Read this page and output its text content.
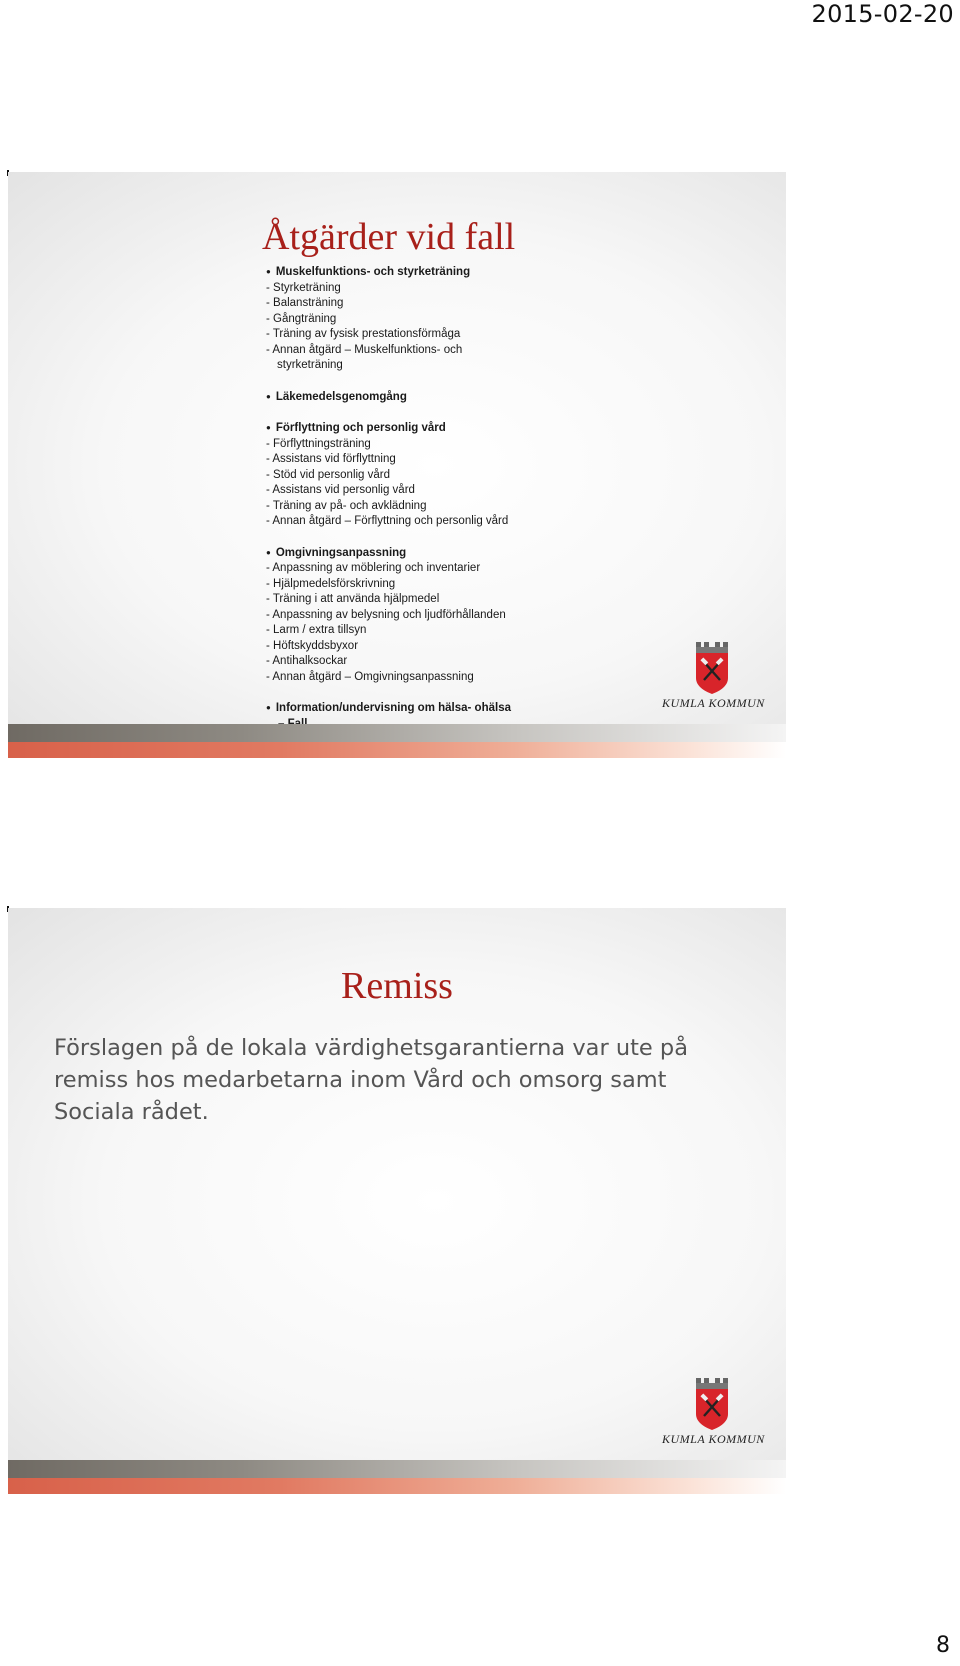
2015-02-20
Åtgärder vid fall
● Muskelfunktions- och styrketräning
- Styrketräning
- Balansträning
- Gångträning
- Träning av fysisk prestationsförmåga
- Annan åtgärd – Muskelfunktions- och
styrketräning
● Läkemedelsgenomgång
● Förflyttning och personlig vård
- Förflyttningsträning
- Assistans vid förflyttning
- Stöd vid personlig vård
- Assistans vid personlig vård
- Träning av på- och avklädning
- Annan åtgärd – Förflyttning och personlig vård
● Omgivningsanpassning
- Anpassning av möblering och inventarier
- Hjälpmedelsförskrivning
- Träning i att använda hjälpmedel
- Anpassning av belysning och ljudförhållanden
- Larm / extra tillsyn
- Höftskyddsbyxor
- Antihalksockar
- Annan åtgärd – Omgivningsanpassning
● Information/undervisning om hälsa- ohälsa	KUMLA KOMMUN
Remiss
Förslagen på de lokala värdighetsgarantierna var ute på remiss hos medarbetarna inom Vård och omsorg samt Sociala rådet.
KUMLA KOMMUN
8
